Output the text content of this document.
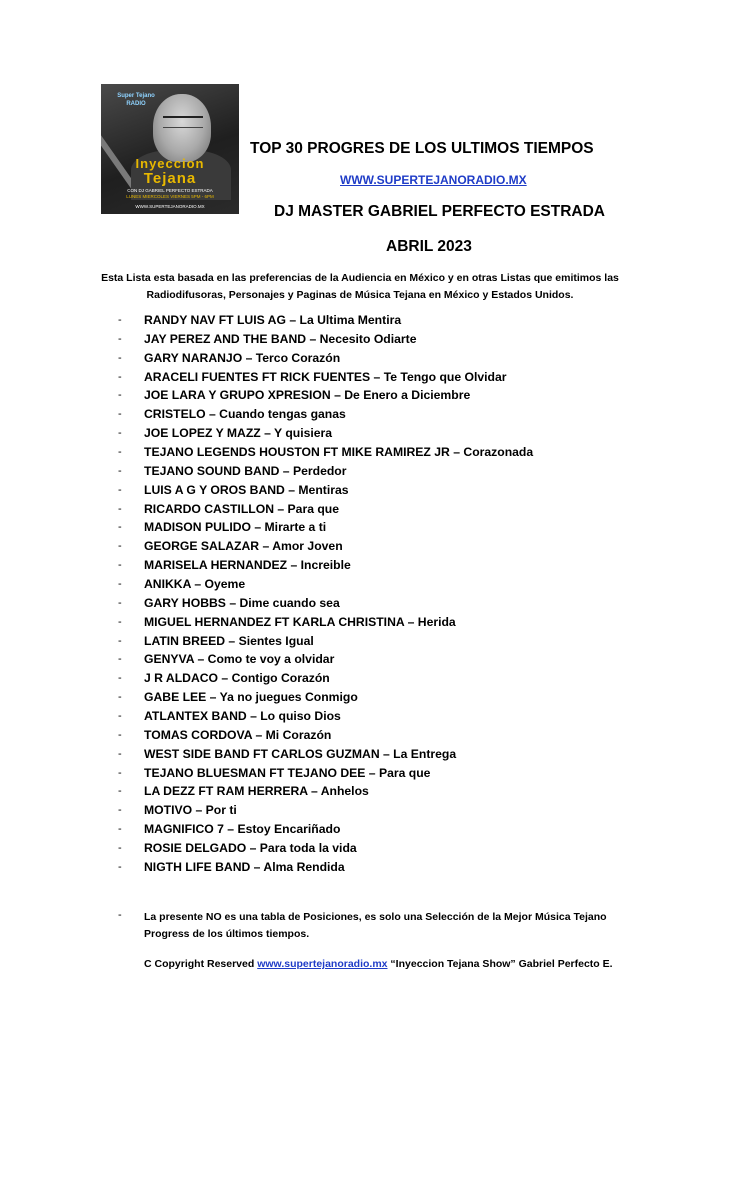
Super Tejano
RADIO
Inyeccion
Tejana
CON DJ GABRIEL PERFECTO ESTRADA
LUNES MIERCOLES VIERNES 5PM - 6PM
WWW.SUPERTEJANORADIO.MX
TOP 30 PROGRES DE LOS ULTIMOS TIEMPOS
WWW.SUPERTEJANORADIO.MX
DJ MASTER GABRIEL PERFECTO ESTRADA
ABRIL 2023
Esta Lista esta basada en las preferencias de la Audiencia en México y en otras Listas que emitimos las Radiodifusoras, Personajes y Paginas de Música Tejana en México y Estados Unidos.
- RANDY NAV FT LUIS AG – La Ultima Mentira
- JAY PEREZ AND THE BAND – Necesito Odiarte
- GARY NARANJO – Terco Corazón
- ARACELI FUENTES FT RICK FUENTES – Te Tengo que Olvidar
- JOE LARA Y GRUPO XPRESION – De Enero a Diciembre
- CRISTELO – Cuando tengas ganas
- JOE LOPEZ Y MAZZ – Y quisiera
- TEJANO LEGENDS HOUSTON FT MIKE RAMIREZ JR – Corazonada
- TEJANO SOUND BAND – Perdedor
- LUIS A G Y OROS BAND – Mentiras
- RICARDO CASTILLON – Para que
- MADISON PULIDO – Mirarte a ti
- GEORGE SALAZAR – Amor Joven
- MARISELA HERNANDEZ – Increible
- ANIKKA – Oyeme
- GARY HOBBS – Dime cuando sea
- MIGUEL HERNANDEZ FT KARLA CHRISTINA – Herida
- LATIN BREED – Sientes Igual
- GENYVA – Como te voy a olvidar
- J R ALDACO – Contigo Corazón
- GABE LEE – Ya no juegues Conmigo
- ATLANTEX BAND – Lo quiso Dios
- TOMAS CORDOVA – Mi Corazón
- WEST SIDE BAND FT CARLOS GUZMAN – La Entrega
- TEJANO BLUESMAN FT TEJANO DEE – Para que
- LA DEZZ FT RAM HERRERA – Anhelos
- MOTIVO – Por ti
- MAGNIFICO 7 – Estoy Encariñado
- ROSIE DELGADO – Para toda la vida
- NIGTH LIFE BAND – Alma Rendida
- La presente NO es una tabla de Posiciones, es solo una Selección de la Mejor Música Tejano Progress de los últimos tiempos.
C Copyright Reserved www.supertejanoradio.mx “Inyeccion Tejana Show” Gabriel Perfecto E.
